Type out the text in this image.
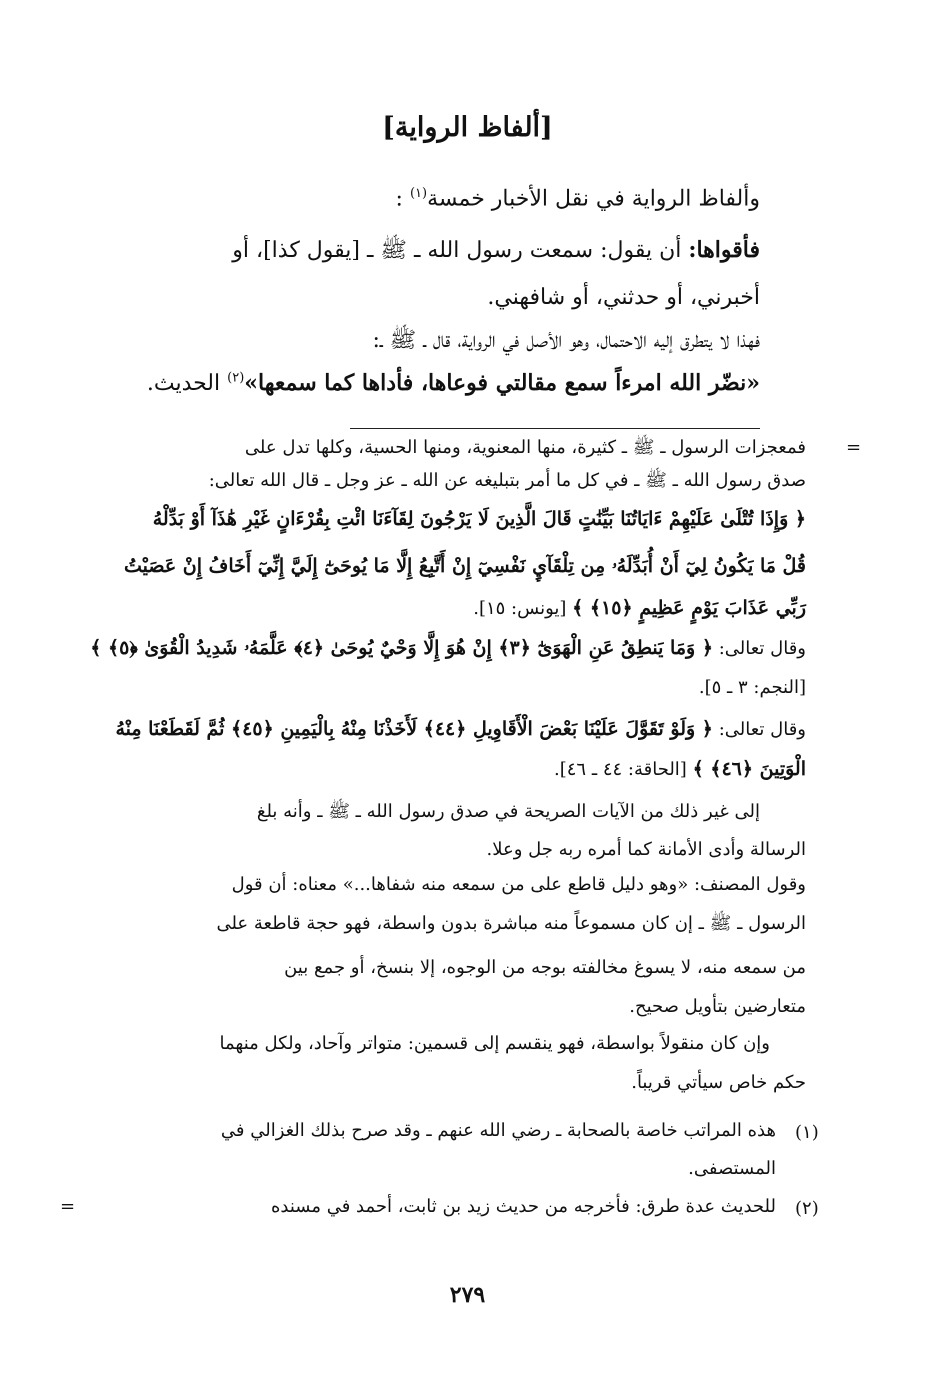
[ألفاظ الرواية]
وألفاظ الرواية في نقل الأخبار خمسة$^{(١)}$ :
فأقواها: أن يقول: سمعت رسول الله ـ ﷺ ـ [يقول كذا]، أو
أخبرني، أو حدثني، أو شافهني.
فهذا لا يتطرق إليه الاحتمال، وهو الأصل في الرواية، قال ـ ﷺ ـ:
«نضّر الله امرءاً سمع مقالتي فوعاها، فأداها كما سمعها»$^{(٢)}$ الحديث.
=
فمعجزات الرسول ـ ﷺ ـ كثيرة، منها المعنوية، ومنها الحسية، وكلها تدل على
صدق رسول الله ـ ﷺ ـ في كل ما أمر بتبليغه عن الله ـ عز وجل ـ قال الله تعالى:
﴿ وَإِذَا تُتْلَىٰ عَلَيْهِمْ ءَايَاتُنَا بَيِّنَٰتٍ قَالَ الَّذِينَ لَا يَرْجُونَ لِقَآءَنَا ائْتِ بِقُرْءَانٍ غَيْرِ هَٰذَآ أَوْ بَدِّلْهُ
قُلْ مَا يَكُونُ لِيٓ أَنْ أُبَدِّلَهُۥ مِن تِلْقَآيِٕ نَفْسِيٓ إِنْ أَتَّبِعُ إِلَّا مَا يُوحَىٰٓ إِلَيَّ إِنِّيٓ أَخَافُ إِنْ عَصَيْتُ
رَبِّي عَذَابَ يَوْمٍ عَظِيمٍ ﴿١٥﴾ ﴾ [يونس: ١٥].
وقال تعالى: ﴿ وَمَا يَنطِقُ عَنِ الْهَوَىٰٓ ﴿٣﴾ إِنْ هُوَ إِلَّا وَحْيٌ يُوحَىٰ ﴿٤﴾ عَلَّمَهُۥ شَدِيدُ الْقُوَىٰ ﴿٥﴾ ﴾
[النجم: ٣ ـ ٥].
وقال تعالى: ﴿ وَلَوْ تَقَوَّلَ عَلَيْنَا بَعْضَ الْأَقَاوِيلِ ﴿٤٤﴾ لَأَخَذْنَا مِنْهُ بِالْيَمِينِ ﴿٤٥﴾ ثُمَّ لَقَطَعْنَا مِنْهُ
الْوَتِينَ ﴿٤٦﴾ ﴾ [الحاقة: ٤٤ ـ ٤٦].
إلى غير ذلك من الآيات الصريحة في صدق رسول الله ـ ﷺ ـ وأنه بلغ
الرسالة وأدى الأمانة كما أمره ربه جل وعلا.
وقول المصنف: «وهو دليل قاطع على من سمعه منه شفاها...» معناه: أن قول
الرسول ـ ﷺ ـ إن كان مسموعاً منه مباشرة بدون واسطة، فهو حجة قاطعة على
من سمعه منه، لا يسوغ مخالفته بوجه من الوجوه، إلا بنسخ، أو جمع بين
متعارضين بتأويل صحيح.
وإن كان منقولاً بواسطة، فهو ينقسم إلى قسمين: متواتر وآحاد، ولكل منهما
حكم خاص سيأتي قريباً.
(١)
هذه المراتب خاصة بالصحابة ـ رضي الله عنهم ـ وقد صرح بذلك الغزالي في
المستصفى.
(٢)
للحديث عدة طرق: فأخرجه من حديث زيد بن ثابت، أحمد في مسنده
=
٢٧٩
